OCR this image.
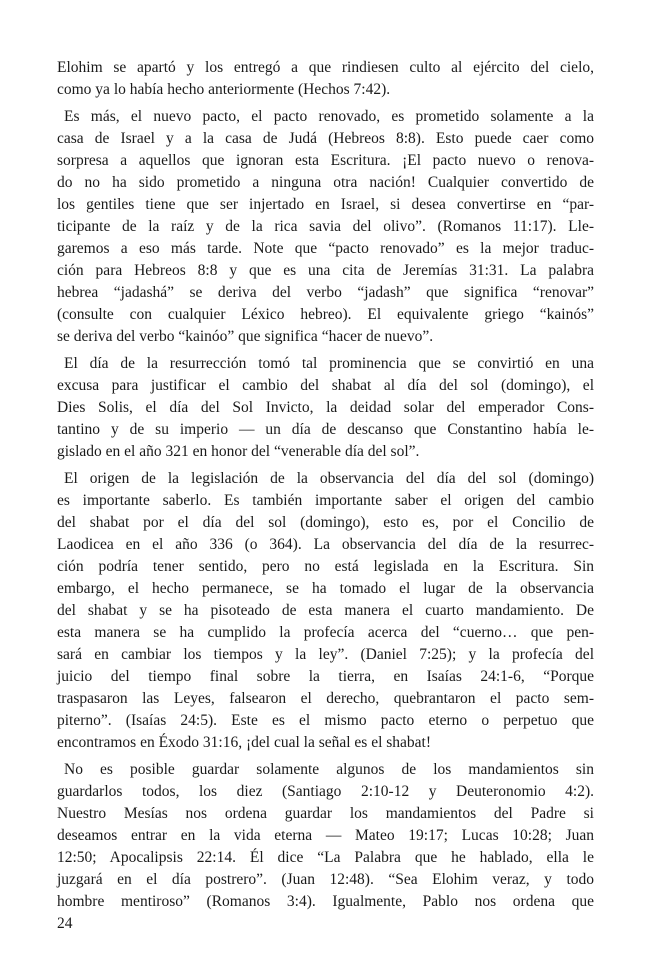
Elohim se apartó y los entregó a que rindiesen culto al ejército del cielo,
como ya lo había hecho anteriormente (Hechos 7:42).
Es más, el nuevo pacto, el pacto renovado, es prometido solamente a la
casa de Israel y a la casa de Judá (Hebreos 8:8). Esto puede caer como
sorpresa a aquellos que ignoran esta Escritura. ¡El pacto nuevo o renova-
do no ha sido prometido a ninguna otra nación! Cualquier convertido de
los gentiles tiene que ser injertado en Israel, si desea convertirse en “par-
ticipante de la raíz y de la rica savia del olivo”. (Romanos 11:17). Lle-
garemos a eso más tarde. Note que “pacto renovado” es la mejor traduc-
ción para Hebreos 8:8 y que es una cita de Jeremías 31:31. La palabra
hebrea “jadashá” se deriva del verbo “jadash” que significa “renovar”
(consulte con cualquier Léxico hebreo). El equivalente griego “kainós”
se deriva del verbo “kainóo” que significa “hacer de nuevo”.
El día de la resurrección tomó tal prominencia que se convirtió en una
excusa para justificar el cambio del shabat al día del sol (domingo), el
Dies Solis, el día del Sol Invicto, la deidad solar del emperador Cons-
tantino y de su imperio — un día de descanso que Constantino había le-
gislado en el año 321 en honor del “venerable día del sol”.
El origen de la legislación de la observancia del día del sol (domingo)
es importante saberlo. Es también importante saber el origen del cambio
del shabat por el día del sol (domingo), esto es, por el Concilio de
Laodicea en el año 336 (o 364). La observancia del día de la resurrec-
ción podría tener sentido, pero no está legislada en la Escritura. Sin
embargo, el hecho permanece, se ha tomado el lugar de la observancia
del shabat y se ha pisoteado de esta manera el cuarto mandamiento. De
esta manera se ha cumplido la profecía acerca del “cuerno… que pen-
sará en cambiar los tiempos y la ley”. (Daniel 7:25); y la profecía del
juicio del tiempo final sobre la tierra, en Isaías 24:1-6, “Porque
traspasaron las Leyes, falsearon el derecho, quebrantaron el pacto sem-
piterno”. (Isaías 24:5). Este es el mismo pacto eterno o perpetuo que
encontramos en Éxodo 31:16, ¡del cual la señal es el shabat!
No es posible guardar solamente algunos de los mandamientos sin
guardarlos todos, los diez (Santiago 2:10-12 y Deuteronomio 4:2).
Nuestro Mesías nos ordena guardar los mandamientos del Padre si
deseamos entrar en la vida eterna — Mateo 19:17; Lucas 10:28; Juan
12:50; Apocalipsis 22:14. Él dice “La Palabra que he hablado, ella le
juzgará en el día postrero”. (Juan 12:48). “Sea Elohim veraz, y todo
hombre mentiroso” (Romanos 3:4). Igualmente, Pablo nos ordena que
24
